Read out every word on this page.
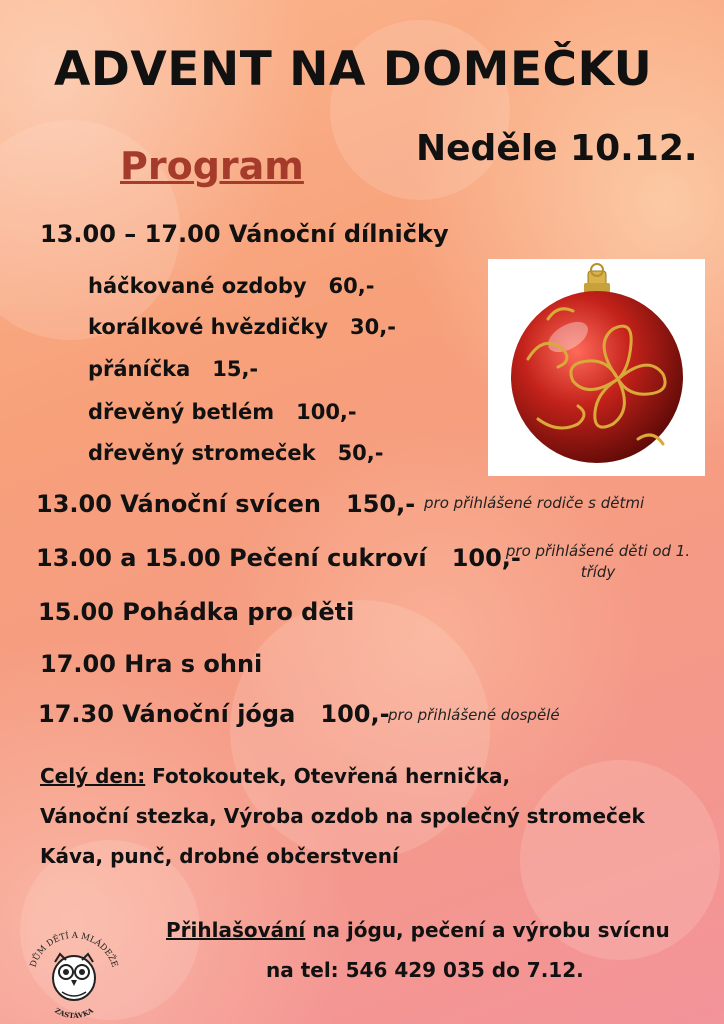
ADVENT NA DOMEČKU
Neděle 10.12.
Program
13.00 – 17.00 Vánoční dílničky
háčkované ozdoby 60,-
korálkové hvězdičky 30,-
přáníčka 15,-
dřevěný betlém 100,-
dřevěný stromeček 50,-
13.00 Vánoční svícen 150,- pro přihlášené rodiče s dětmi
13.00 a 15.00 Pečení cukroví 100,-
pro přihlášené děti od 1. třídy
15.00 Pohádka pro děti
17.00 Hra s ohni
17.30 Vánoční jóga 100,-
pro přihlášené dospělé
Celý den: Fotokoutek, Otevřená hernička,
Vánoční stezka, Výroba ozdob na společný stromeček
Káva, punč, drobné občerstvení
Přihlašování na jógu, pečení a výrobu svícnu
na tel: 546 429 035 do 7.12.
DŮM DĚTÍ A MLÁDEŽE
ZASTÁVKA
